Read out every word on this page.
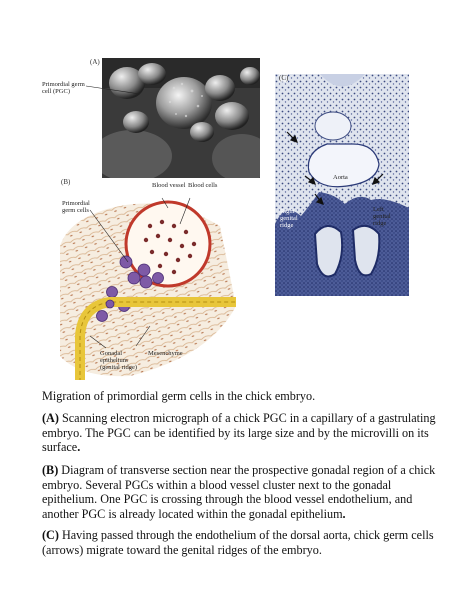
(A)
Primordial germ cell (PGC)
(C)
Aorta
Right genital ridge
Left genital ridge
(B)	Blood vessel Blood cells
Primordial germ cells
Gonadal epithelium (genital ridge)
Mesenchyme
Migration of primordial germ cells in the chick embryo.
(A) Scanning electron micrograph of a chick PGC in a capillary of a gastrulating embryo. The PGC can be identified by its large size and by the microvilli on its surface.
(B) Diagram of transverse section near the prospective gonadal region of a chick embryo. Several PGCs within a blood vessel cluster next to the gonadal epithelium. One PGC is crossing through the blood vessel endothelium, and another PGC is already located within the gonadal epithelium.
(C) Having passed through the endothelium of the dorsal aorta, chick germ cells (arrows) migrate toward the genital ridges of the embryo.
